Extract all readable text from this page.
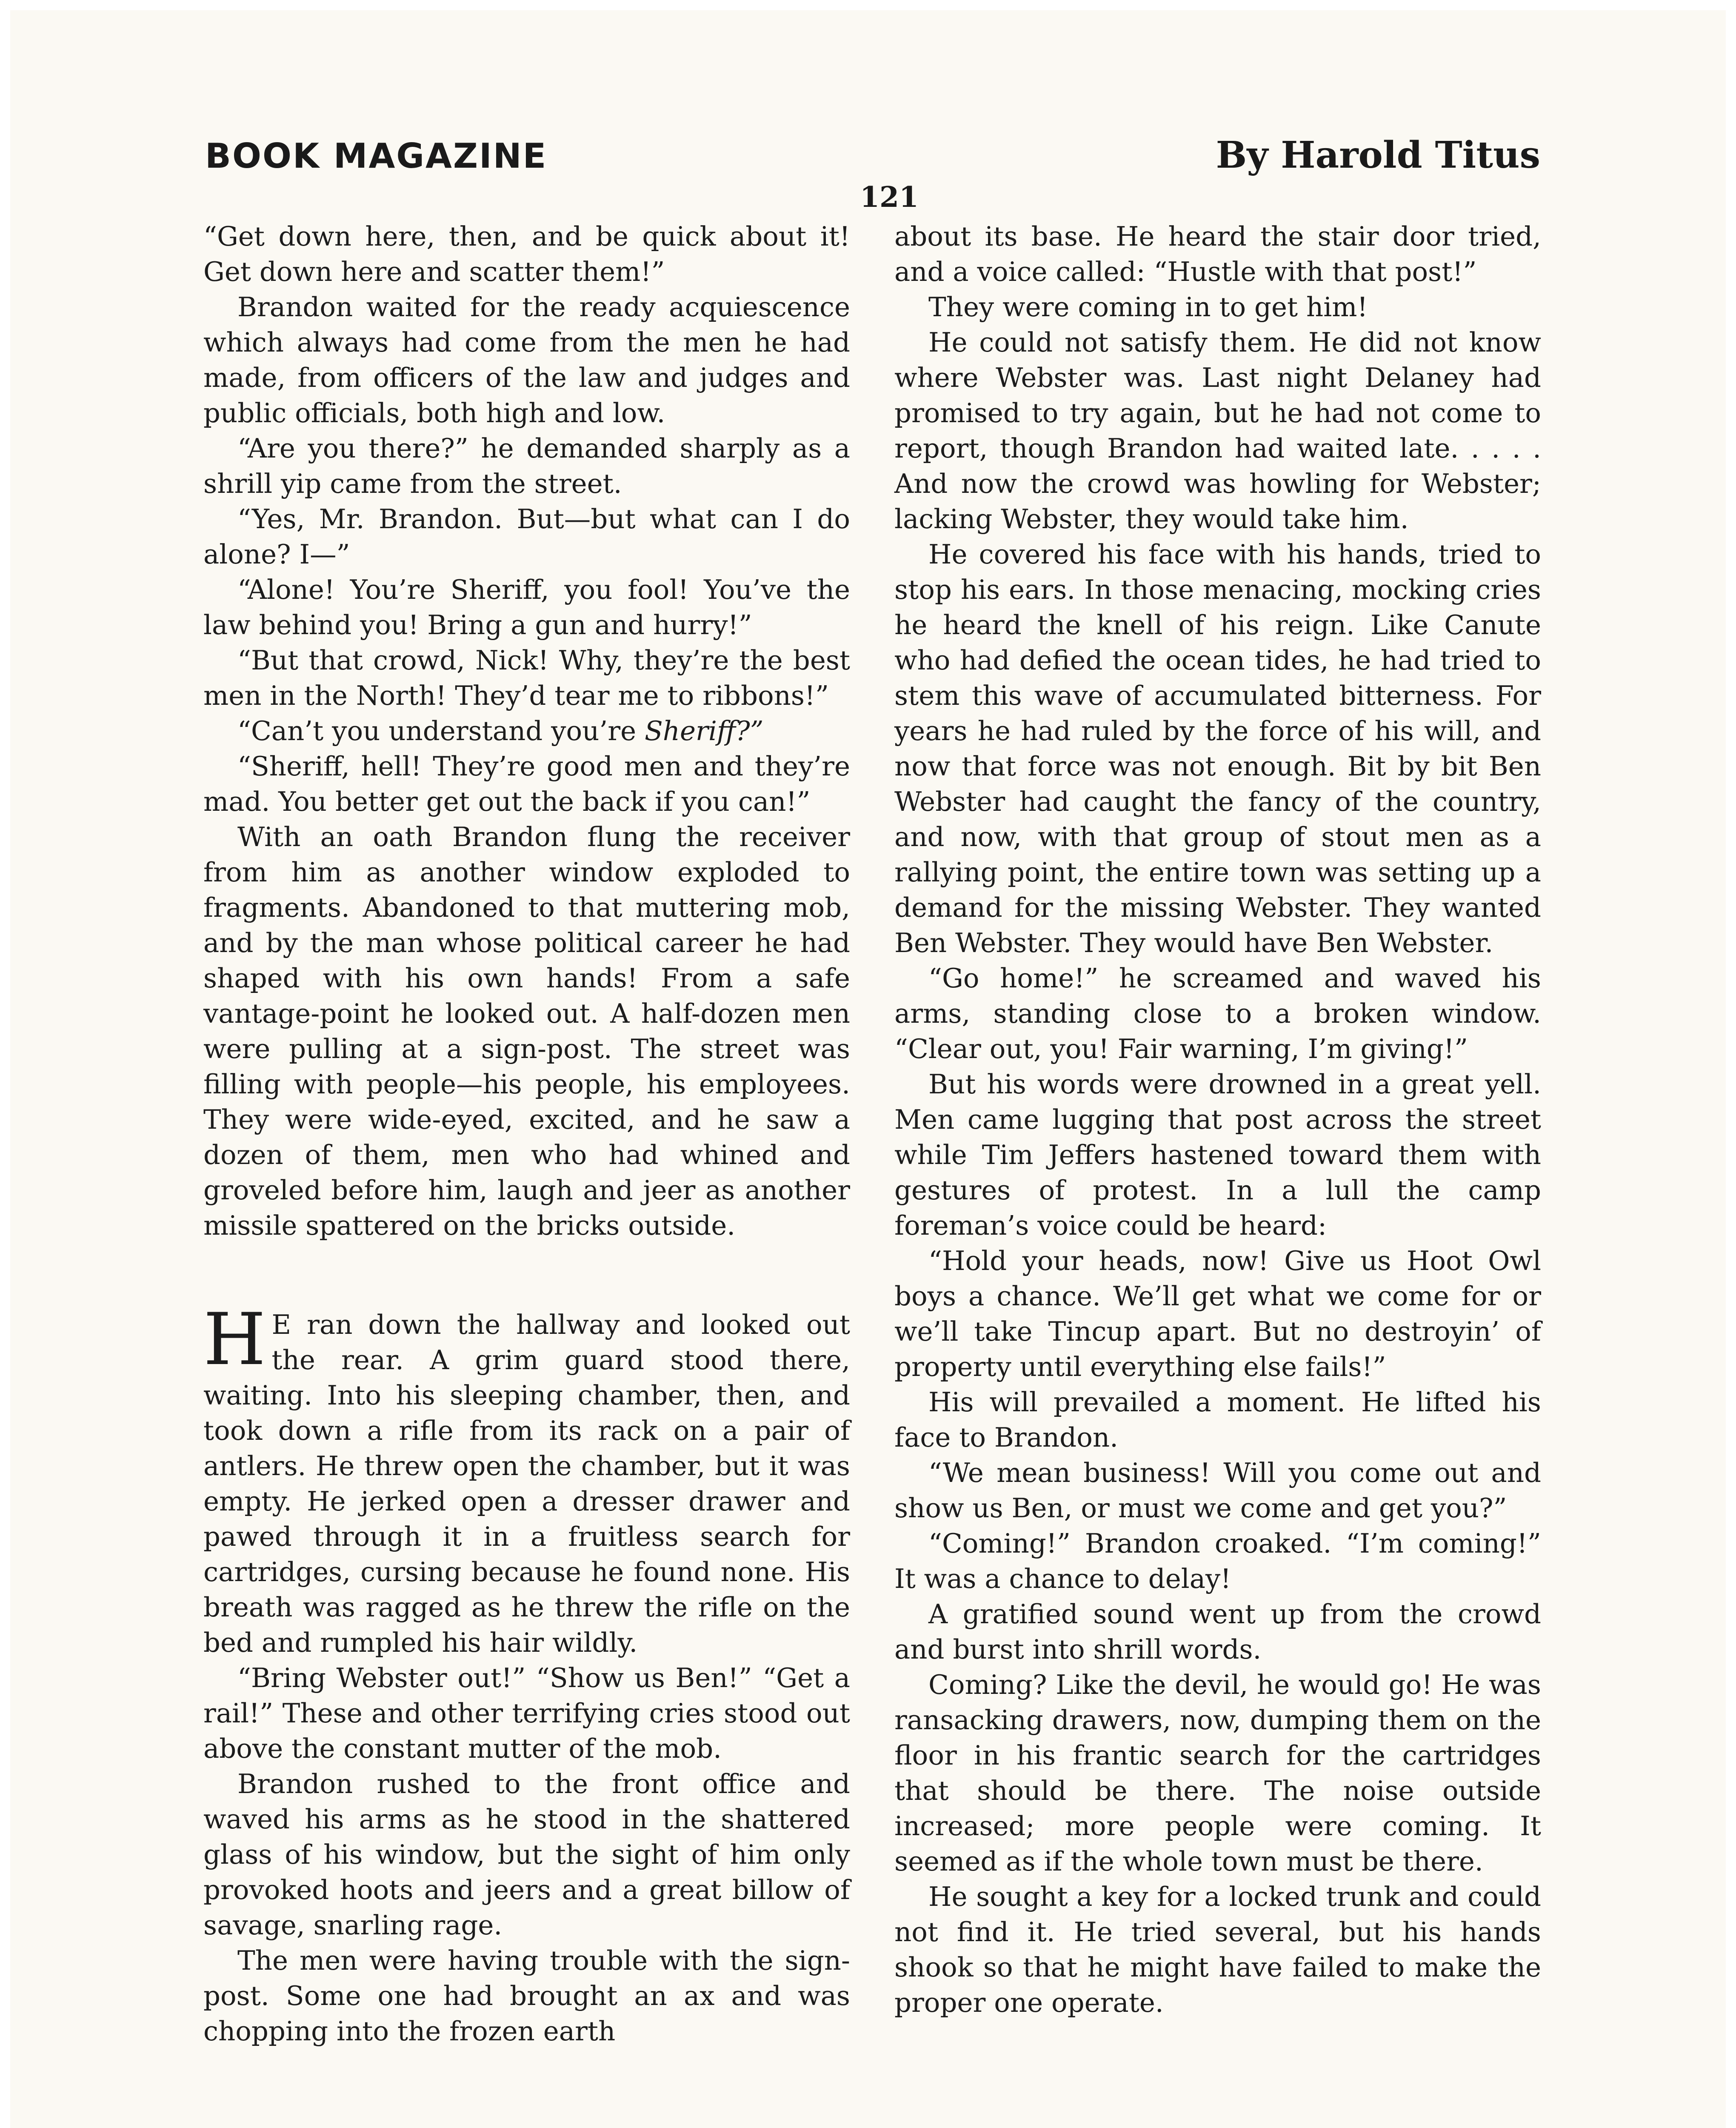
BOOK MAGAZINE	By Harold Titus
121

“Get down here, then, and be quick about it! Get down here and scatter them!”

Brandon waited for the ready acquiescence which always had come from the men he had made, from officers of the law and judges and public officials, both high and low.

“Are you there?” he demanded sharply as a shrill yip came from the street.

“Yes, Mr. Brandon. But—but what can I do alone? I—”

“Alone! You’re Sheriff, you fool! You’ve the law behind you! Bring a gun and hurry!”

“But that crowd, Nick! Why, they’re the best men in the North! They’d tear me to ribbons!”

“Can’t you understand you’re Sheriff?”

“Sheriff, hell! They’re good men and they’re mad. You better get out the back if you can!”

With an oath Brandon flung the receiver from him as another window exploded to fragments. Abandoned to that muttering mob, and by the man whose political career he had shaped with his own hands! From a safe vantage-point he looked out. A half-dozen men were pulling at a sign-post. The street was filling with people—his people, his employees. They were wide-eyed, excited, and he saw a dozen of them, men who had whined and groveled before him, laugh and jeer as another missile spattered on the bricks outside.

H E ran down the hallway and looked out the rear. A grim guard stood there, waiting. Into his sleeping chamber, then, and took down a rifle from its rack on a pair of antlers. He threw open the chamber, but it was empty. He jerked open a dresser drawer and pawed through it in a fruitless search for cartridges, cursing because he found none. His breath was ragged as he threw the rifle on the bed and rumpled his hair wildly.

“Bring Webster out!” “Show us Ben!” “Get a rail!” These and other terrifying cries stood out above the constant mutter of the mob.

Brandon rushed to the front office and waved his arms as he stood in the shattered glass of his window, but the sight of him only provoked hoots and jeers and a great billow of savage, snarling rage.

The men were having trouble with the sign-post. Some one had brought an ax and was chopping into the frozen earth

about its base. He heard the stair door tried, and a voice called: “Hustle with that post!”

They were coming in to get him!

He could not satisfy them. He did not know where Webster was. Last night Delaney had promised to try again, but he had not come to report, though Brandon had waited late. . . . . And now the crowd was howling for Webster; lacking Webster, they would take him.

He covered his face with his hands, tried to stop his ears. In those menacing, mocking cries he heard the knell of his reign. Like Canute who had defied the ocean tides, he had tried to stem this wave of accumulated bitterness. For years he had ruled by the force of his will, and now that force was not enough. Bit by bit Ben Webster had caught the fancy of the country, and now, with that group of stout men as a rallying point, the entire town was setting up a demand for the missing Webster. They wanted Ben Webster. They would have Ben Webster.

“Go home!” he screamed and waved his arms, standing close to a broken window. “Clear out, you! Fair warning, I’m giving!”

But his words were drowned in a great yell. Men came lugging that post across the street while Tim Jeffers hastened toward them with gestures of protest. In a lull the camp foreman’s voice could be heard:

“Hold your heads, now! Give us Hoot Owl boys a chance. We’ll get what we come for or we’ll take Tincup apart. But no destroyin’ of property until everything else fails!”

His will prevailed a moment. He lifted his face to Brandon.

“We mean business! Will you come out and show us Ben, or must we come and get you?”

“Coming!” Brandon croaked. “I’m coming!” It was a chance to delay!

A gratified sound went up from the crowd and burst into shrill words.

Coming? Like the devil, he would go! He was ransacking drawers, now, dumping them on the floor in his frantic search for the cartridges that should be there. The noise outside increased; more people were coming. It seemed as if the whole town must be there.

He sought a key for a locked trunk and could not find it. He tried several, but his hands shook so that he might have failed to make the proper one operate.
